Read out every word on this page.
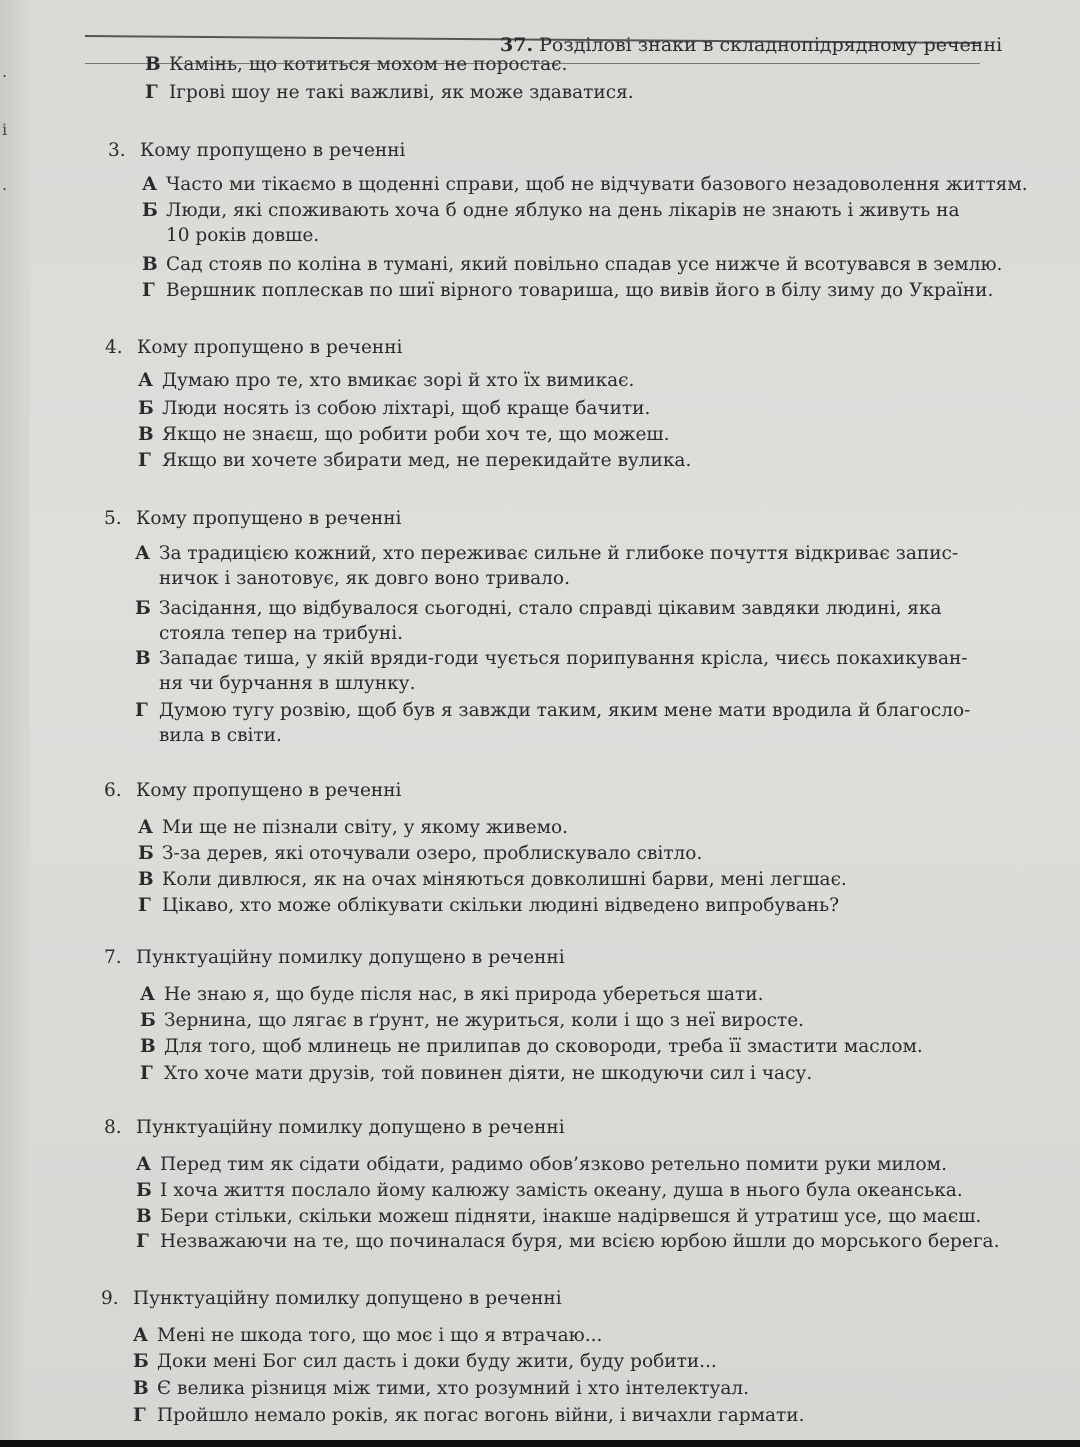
.
і
.
37. Розділові знаки в складнопідрядному реченні
В Камінь, що котиться мохом не поростає.
Г Ігрові шоу не такі важливі, як може здаватися.
3. Кому пропущено в реченні
А Часто ми тікаємо в щоденні справи, щоб не відчувати базового незадоволення життям.
Б Люди, які споживають хоча б одне яблуко на день лікарів не знають і живуть на
10 років довше.
В Сад стояв по коліна в тумані, який повільно спадав усе нижче й всотувався в землю.
Г Вершник поплескав по шиї вірного товариша, що вивів його в білу зиму до України.
4. Кому пропущено в реченні
А Думаю про те, хто вмикає зорі й хто їх вимикає.
Б Люди носять із собою ліхтарі, щоб краще бачити.
В Якщо не знаєш, що робити роби хоч те, що можеш.
Г Якщо ви хочете збирати мед, не перекидайте вулика.
5. Кому пропущено в реченні
А За традицією кожний, хто переживає сильне й глибоке почуття відкриває запис-
ничок і занотовує, як довго воно тривало.
Б Засідання, що відбувалося сьогодні, стало справді цікавим завдяки людині, яка
стояла тепер на трибуні.
В Западає тиша, у якій вряди-годи чується порипування крісла, чиєсь покахикуван-
ня чи бурчання в шлунку.
Г Думою тугу розвію, щоб був я завжди таким, яким мене мати вродила й благосло-
вила в світи.
6. Кому пропущено в реченні
А Ми ще не пізнали світу, у якому живемо.
Б З-за дерев, які оточували озеро, проблискувало світло.
В Коли дивлюся, як на очах міняються довколишні барви, мені легшає.
Г Цікаво, хто може облікувати скільки людині відведено випробувань?
7. Пунктуаційну помилку допущено в реченні
А Не знаю я, що буде після нас, в які природа убереться шати.
Б Зернина, що лягає в ґрунт, не журиться, коли і що з неї виросте.
В Для того, щоб млинець не прилипав до сковороди, треба її змастити маслом.
Г Хто хоче мати друзів, той повинен діяти, не шкодуючи сил і часу.
8. Пунктуаційну помилку допущено в реченні
А Перед тим як сідати обідати, радимо обов’язково ретельно помити руки милом.
Б І хоча життя послало йому калюжу замість океану, душа в нього була океанська.
В Бери стільки, скільки можеш підняти, інакше надірвешся й утратиш усе, що маєш.
Г Незважаючи на те, що починалася буря, ми всією юрбою йшли до морського берега.
9. Пунктуаційну помилку допущено в реченні
А Мені не шкода того, що моє і що я втрачаю...
Б Доки мені Бог сил дасть і доки буду жити, буду робити...
В Є велика різниця між тими, хто розумний і хто інтелектуал.
Г Пройшло немало років, як погас вогонь війни, і вичахли гармати.
